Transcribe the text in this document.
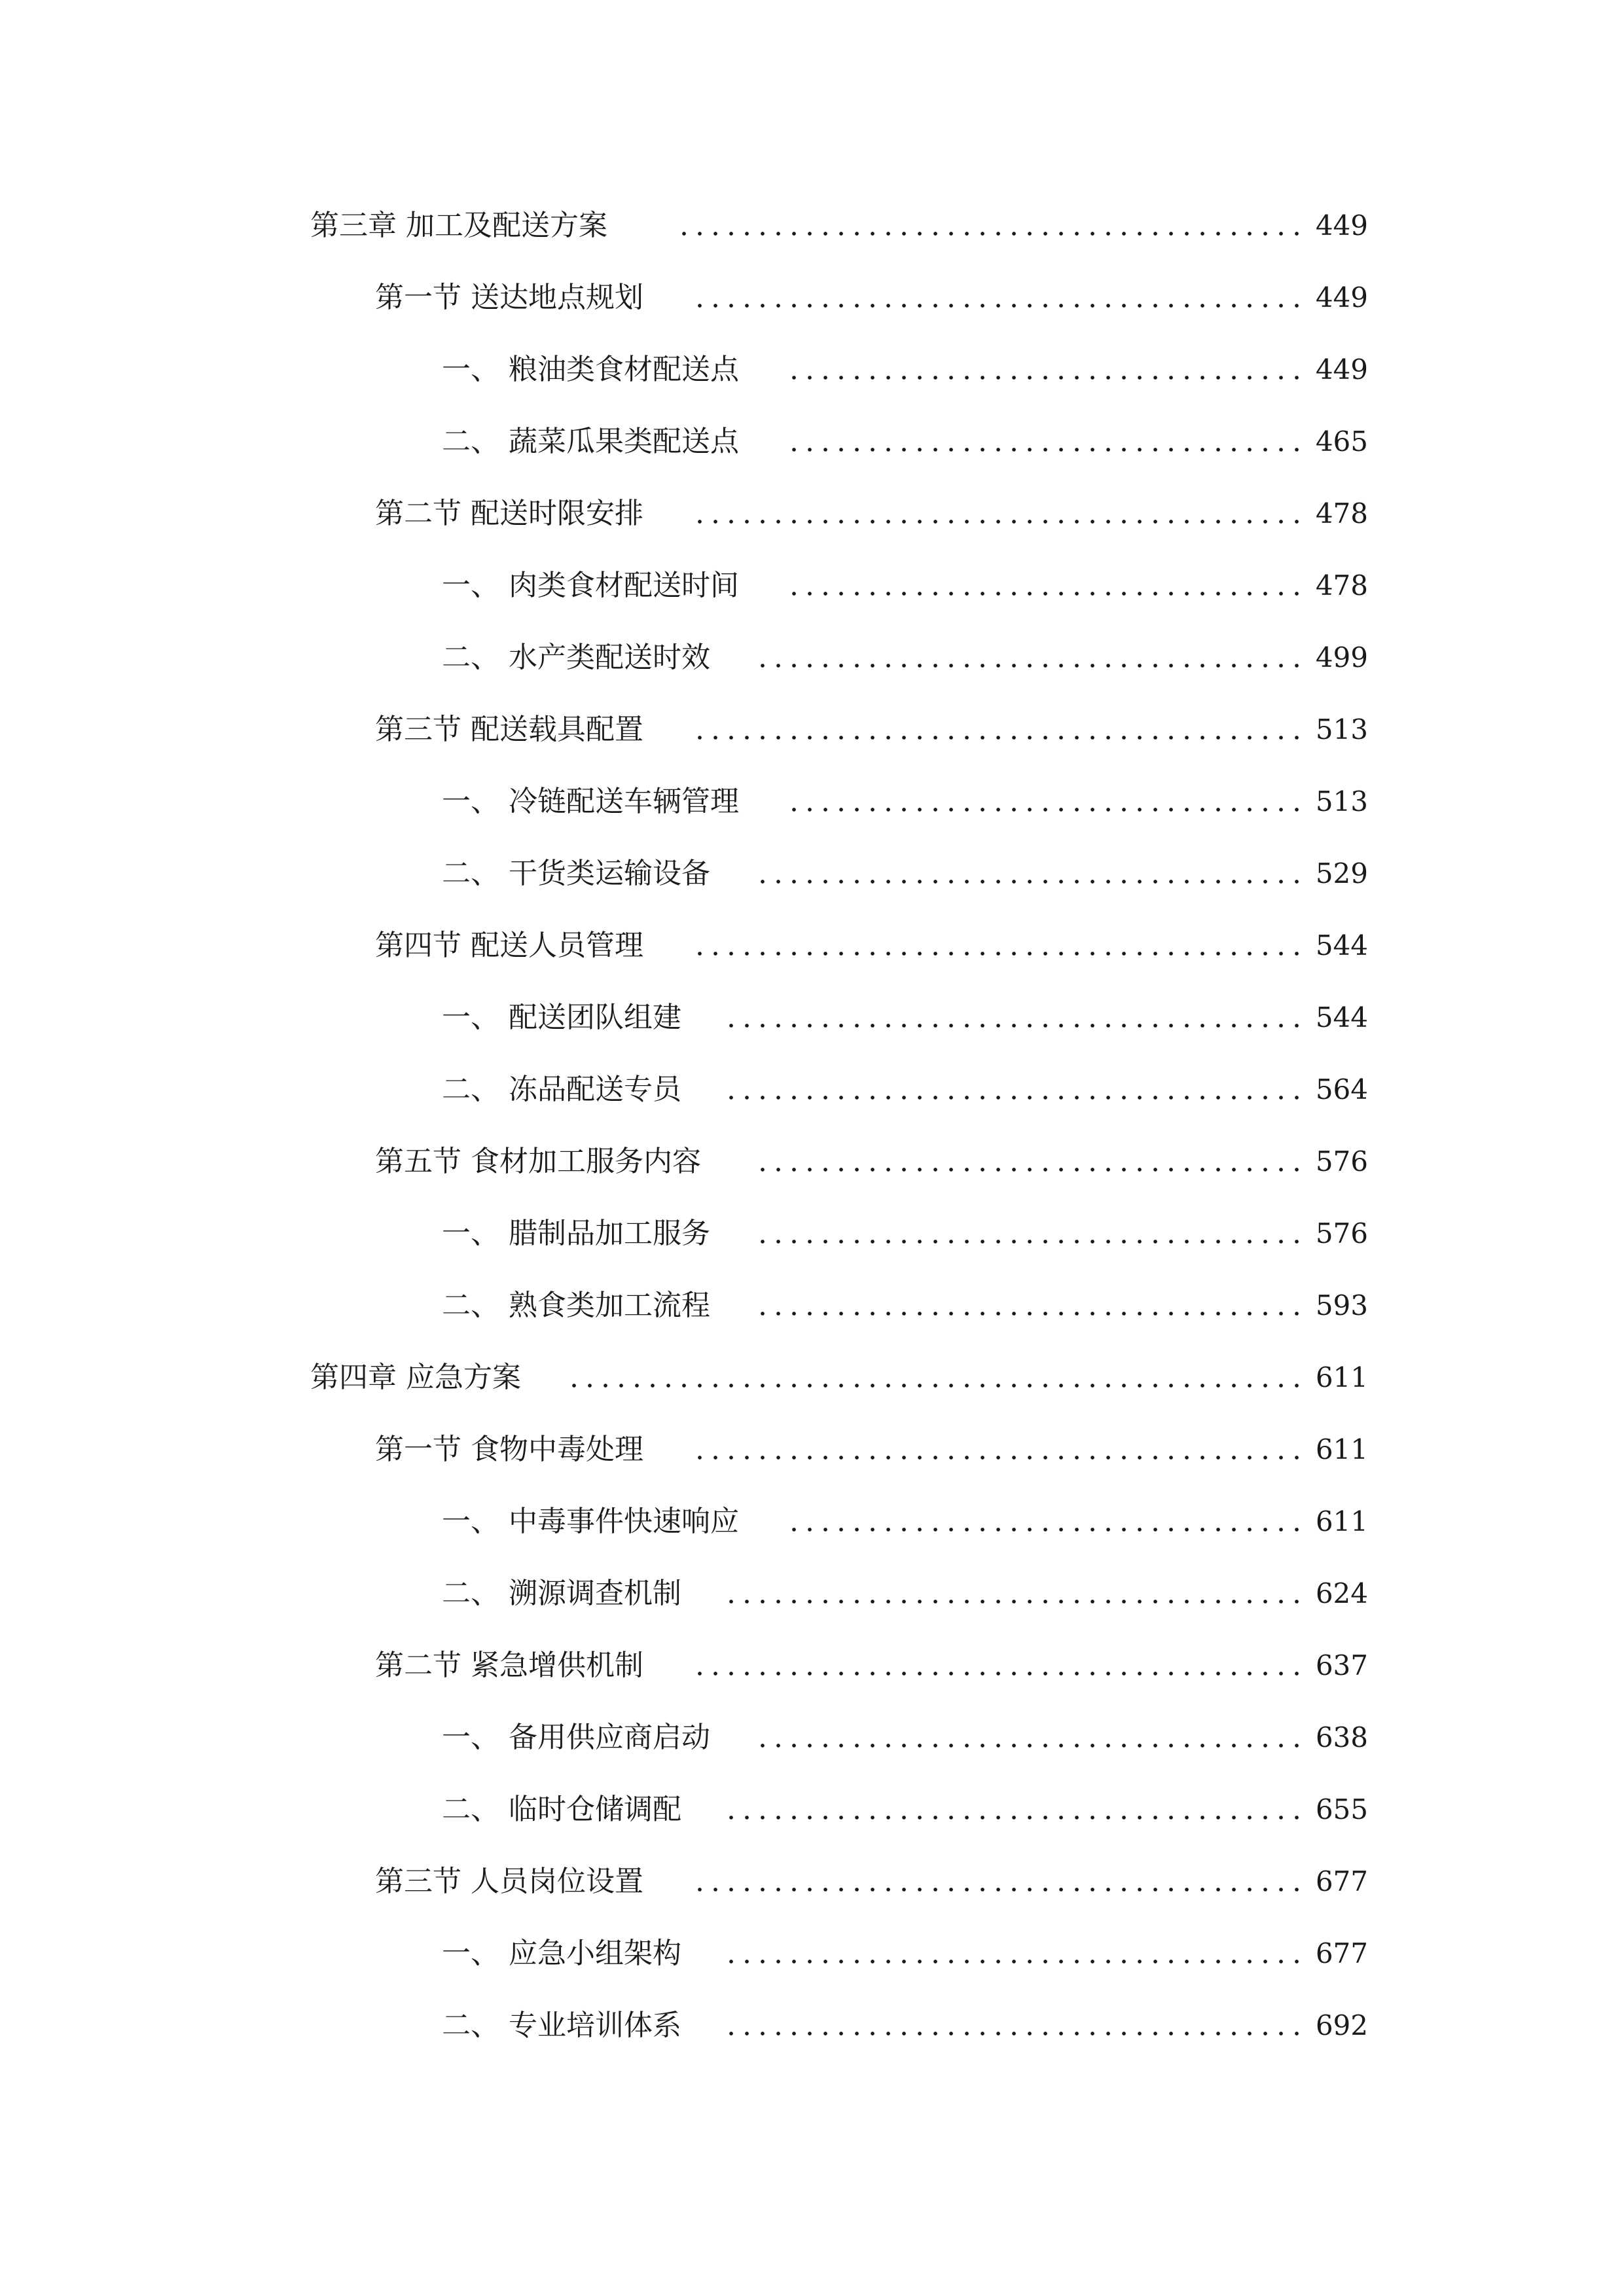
第三章 加工及配送方案	449
第一节 送达地点规划	449
一、 粮油类食材配送点	449
二、 蔬菜瓜果类配送点	465
第二节 配送时限安排	478
一、 肉类食材配送时间	478
二、 水产类配送时效	499
第三节 配送载具配置	513
一、 冷链配送车辆管理	513
二、 干货类运输设备	529
第四节 配送人员管理	544
一、 配送团队组建	544
二、 冻品配送专员	564
第五节 食材加工服务内容	576
一、 腊制品加工服务	576
二、 熟食类加工流程	593
第四章 应急方案	611
第一节 食物中毒处理	611
一、 中毒事件快速响应	611
二、 溯源调查机制	624
第二节 紧急增供机制	637
一、 备用供应商启动	638
二、 临时仓储调配	655
第三节 人员岗位设置	677
一、 应急小组架构	677
二、 专业培训体系	692
